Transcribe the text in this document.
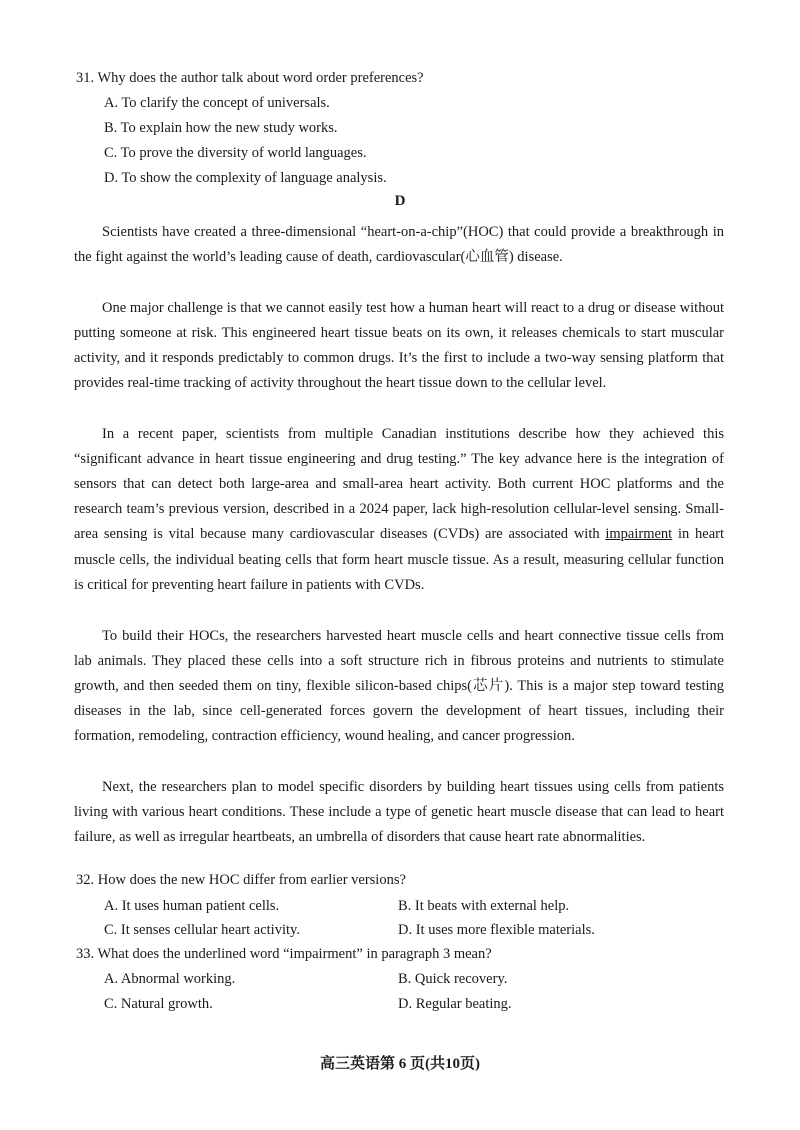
31. Why does the author talk about word order preferences?
A. To clarify the concept of universals.
B. To explain how the new study works.
C. To prove the diversity of world languages.
D. To show the complexity of language analysis.
D

Scientists have created a three-dimensional “heart-on-a-chip”(HOC) that could provide a breakthrough in the fight against the world’s leading cause of death, cardiovascular(心血管) disease.

One major challenge is that we cannot easily test how a human heart will react to a drug or disease without putting someone at risk. This engineered heart tissue beats on its own, it releases chemicals to start muscular activity, and it responds predictably to common drugs. It’s the first to include a two-way sensing platform that provides real-time tracking of activity throughout the heart tissue down to the cellular level.

In a recent paper, scientists from multiple Canadian institutions describe how they achieved this “significant advance in heart tissue engineering and drug testing.” The key advance here is the integration of sensors that can detect both large-area and small-area heart activity. Both current HOC platforms and the research team’s previous version, described in a 2024 paper, lack high-resolution cellular-level sensing. Small-area sensing is vital because many cardiovascular diseases (CVDs) are associated with impairment in heart muscle cells, the individual beating cells that form heart muscle tissue. As a result, measuring cellular function is critical for preventing heart failure in patients with CVDs.

To build their HOCs, the researchers harvested heart muscle cells and heart connective tissue cells from lab animals. They placed these cells into a soft structure rich in fibrous proteins and nutrients to stimulate growth, and then seeded them on tiny, flexible silicon-based chips(芯片). This is a major step toward testing diseases in the lab, since cell-generated forces govern the development of heart tissues, including their formation, remodeling, contraction efficiency, wound healing, and cancer progression.

Next, the researchers plan to model specific disorders by building heart tissues using cells from patients living with various heart conditions. These include a type of genetic heart muscle disease that can lead to heart failure, as well as irregular heartbeats, an umbrella of disorders that cause heart rate abnormalities.

32. How does the new HOC differ from earlier versions?
A. It uses human patient cells.	B. It beats with external help.
C. It senses cellular heart activity.	D. It uses more flexible materials.
33. What does the underlined word “impairment” in paragraph 3 mean?
A. Abnormal working.	B. Quick recovery.
C. Natural growth.	D. Regular beating.
高三英语第 6 页(共10页)
